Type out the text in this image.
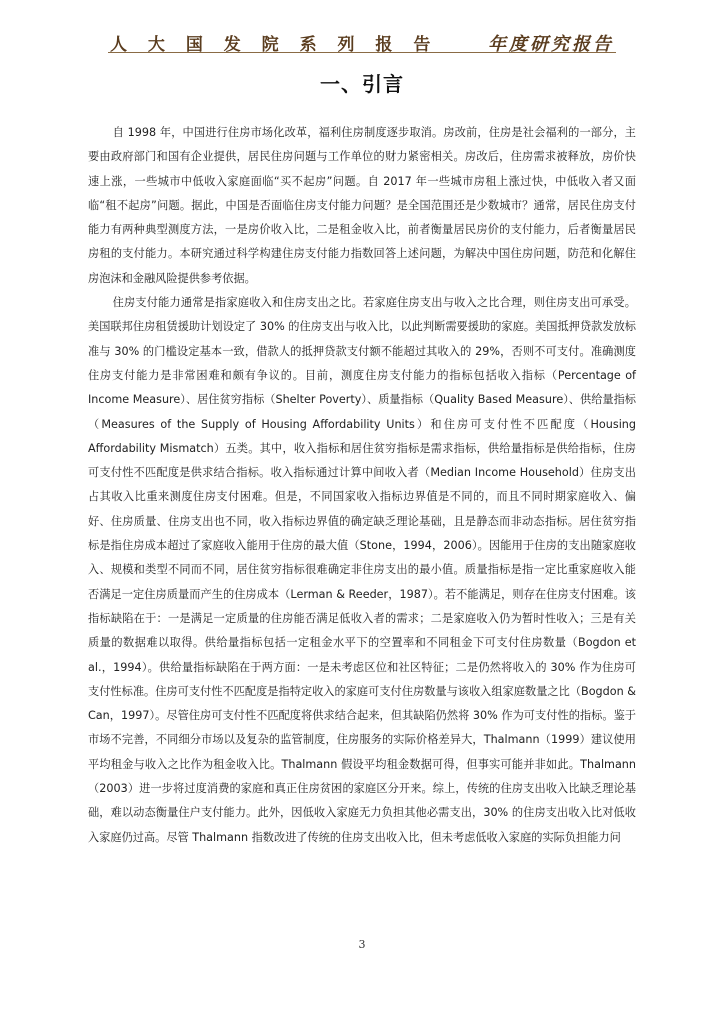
人 大 国 发 院 系 列 报 告	年度研究报告
一、引言

自 1998 年，中国进行住房市场化改革，福利住房制度逐步取消。房改前，住房是社会福利的一部分，主要由政府部门和国有企业提供，居民住房问题与工作单位的财力紧密相关。房改后，住房需求被释放，房价快速上涨，一些城市中低收入家庭面临“买不起房”问题。自 2017 年一些城市房租上涨过快，中低收入者又面临“租不起房”问题。据此，中国是否面临住房支付能力问题？是全国范围还是少数城市？通常，居民住房支付能力有两种典型测度方法，一是房价收入比，二是租金收入比，前者衡量居民房价的支付能力，后者衡量居民房租的支付能力。本研究通过科学构建住房支付能力指数回答上述问题，为解决中国住房问题，防范和化解住房泡沫和金融风险提供参考依据。

住房支付能力通常是指家庭收入和住房支出之比。若家庭住房支出与收入之比合理，则住房支出可承受。美国联邦住房租赁援助计划设定了 30% 的住房支出与收入比，以此判断需要援助的家庭。美国抵押贷款发放标准与 30% 的门槛设定基本一致，借款人的抵押贷款支付额不能超过其收入的 29%，否则不可支付。准确测度住房支付能力是非常困难和颇有争议的。目前，测度住房支付能力的指标包括收入指标（Percentage of Income Measure）、居住贫穷指标（Shelter Poverty）、质量指标（Quality Based Measure）、供给量指标（Measures of the Supply of Housing Affordability Units）和住房可支付性不匹配度（Housing Affordability Mismatch）五类。其中，收入指标和居住贫穷指标是需求指标，供给量指标是供给指标，住房可支付性不匹配度是供求结合指标。收入指标通过计算中间收入者（Median Income Household）住房支出占其收入比重来测度住房支付困难。但是，不同国家收入指标边界值是不同的，而且不同时期家庭收入、偏好、住房质量、住房支出也不同，收入指标边界值的确定缺乏理论基础，且是静态而非动态指标。居住贫穷指标是指住房成本超过了家庭收入能用于住房的最大值（Stone，1994，2006）。因能用于住房的支出随家庭收入、规模和类型不同而不同，居住贫穷指标很难确定非住房支出的最小值。质量指标是指一定比重家庭收入能否满足一定住房质量而产生的住房成本（Lerman & Reeder，1987）。若不能满足，则存在住房支付困难。该指标缺陷在于：一是满足一定质量的住房能否满足低收入者的需求；二是家庭收入仍为暂时性收入；三是有关质量的数据难以取得。供给量指标包括一定租金水平下的空置率和不同租金下可支付住房数量（Bogdon et al.，1994）。供给量指标缺陷在于两方面：一是未考虑区位和社区特征；二是仍然将收入的 30% 作为住房可支付性标准。住房可支付性不匹配度是指特定收入的家庭可支付住房数量与该收入组家庭数量之比（Bogdon & Can，1997）。尽管住房可支付性不匹配度将供求结合起来，但其缺陷仍然将 30% 作为可支付性的指标。鉴于市场不完善，不同细分市场以及复杂的监管制度，住房服务的实际价格差异大，Thalmann（1999）建议使用平均租金与收入之比作为租金收入比。Thalmann 假设平均租金数据可得，但事实可能并非如此。Thalmann（2003）进一步将过度消费的家庭和真正住房贫困的家庭区分开来。综上，传统的住房支出收入比缺乏理论基础，难以动态衡量住户支付能力。此外，因低收入家庭无力负担其他必需支出，30% 的住房支出收入比对低收入家庭仍过高。尽管 Thalmann 指数改进了传统的住房支出收入比，但未考虑低收入家庭的实际负担能力问

3
